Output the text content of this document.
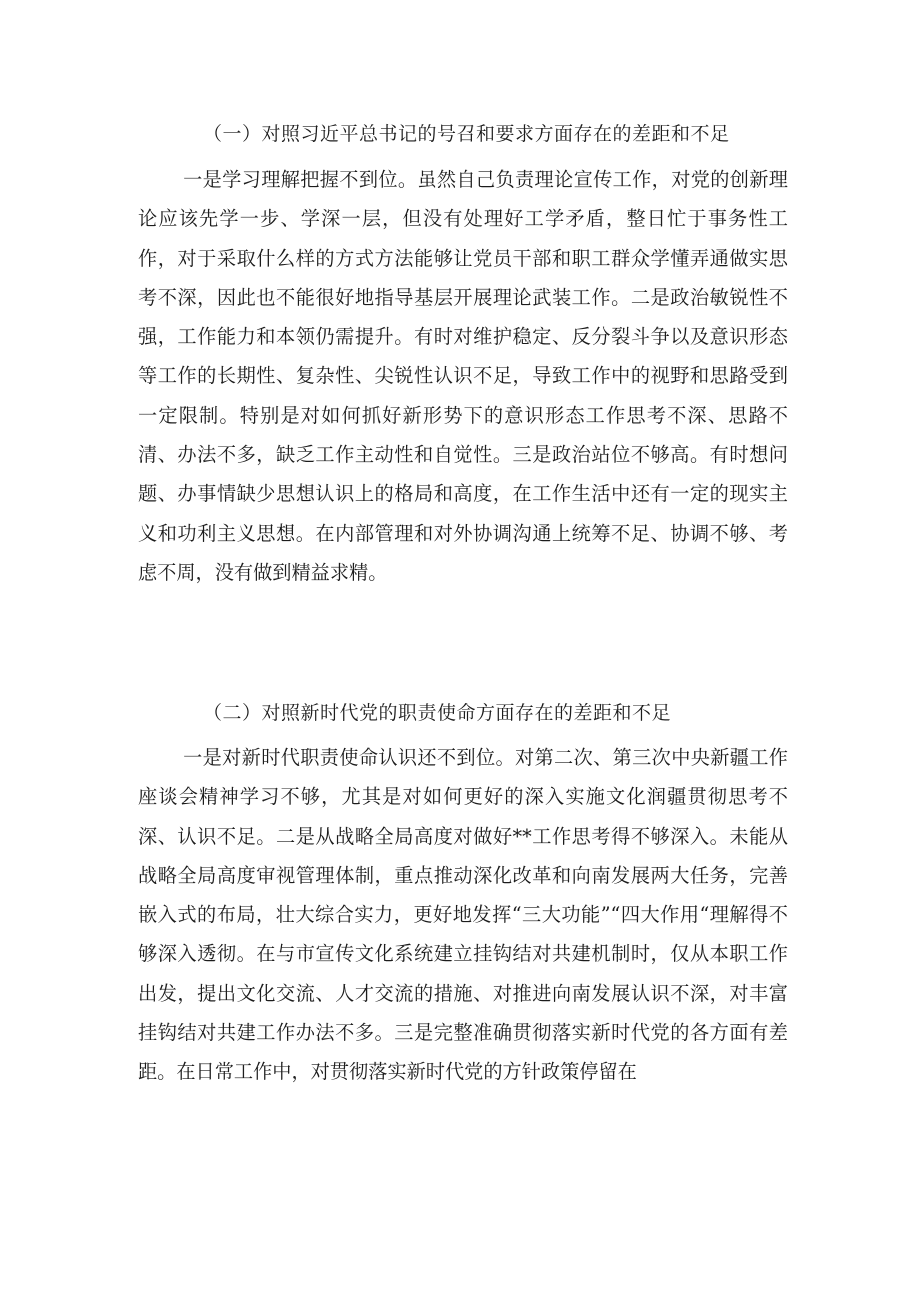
（一）对照习近平总书记的号召和要求方面存在的差距和不足

一是学习理解把握不到位。虽然自己负责理论宣传工作，对党的创新理论应该先学一步、学深一层，但没有处理好工学矛盾，整日忙于事务性工作，对于采取什么样的方式方法能够让党员干部和职工群众学懂弄通做实思考不深，因此也不能很好地指导基层开展理论武装工作。二是政治敏锐性不强，工作能力和本领仍需提升。有时对维护稳定、反分裂斗争以及意识形态等工作的长期性、复杂性、尖锐性认识不足，导致工作中的视野和思路受到一定限制。特别是对如何抓好新形势下的意识形态工作思考不深、思路不清、办法不多，缺乏工作主动性和自觉性。三是政治站位不够高。有时想问题、办事情缺少思想认识上的格局和高度，在工作生活中还有一定的现实主义和功利主义思想。在内部管理和对外协调沟通上统筹不足、协调不够、考虑不周，没有做到精益求精。

（二）对照新时代党的职责使命方面存在的差距和不足

一是对新时代职责使命认识还不到位。对第二次、第三次中央新疆工作座谈会精神学习不够，尤其是对如何更好的深入实施文化润疆贯彻思考不深、认识不足。二是从战略全局高度对做好**工作思考得不够深入。未能从战略全局高度审视管理体制，重点推动深化改革和向南发展两大任务，完善嵌入式的布局，壮大综合实力，更好地发挥“三大功能”“四大作用“理解得不够深入透彻。在与市宣传文化系统建立挂钩结对共建机制时，仅从本职工作出发，提出文化交流、人才交流的措施、对推进向南发展认识不深，对丰富挂钩结对共建工作办法不多。三是完整准确贯彻落实新时代党的各方面有差距。在日常工作中，对贯彻落实新时代党的方针政策停留在
